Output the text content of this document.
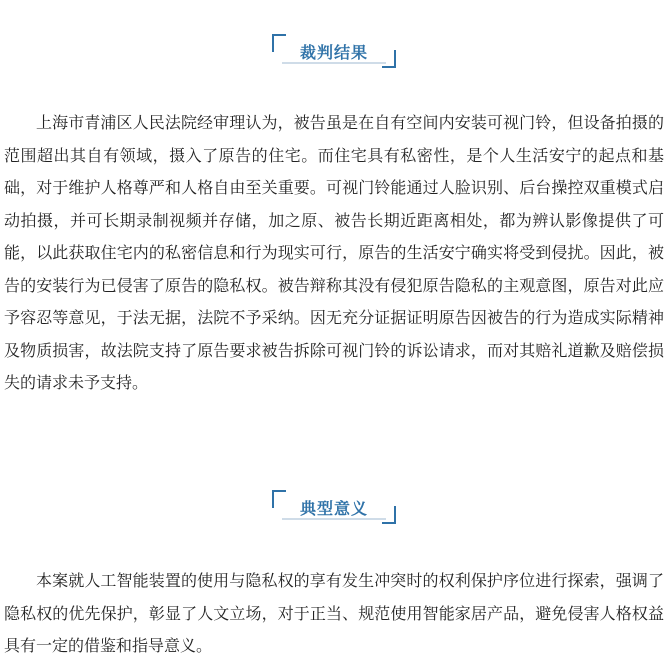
裁判结果

上海市青浦区人民法院经审理认为，被告虽是在自有空间内安装可视门铃，但设备拍摄的范围超出其自有领域，摄入了原告的住宅。而住宅具有私密性，是个人生活安宁的起点和基础，对于维护人格尊严和人格自由至关重要。可视门铃能通过人脸识别、后台操控双重模式启动拍摄，并可长期录制视频并存储，加之原、被告长期近距离相处，都为辨认影像提供了可能，以此获取住宅内的私密信息和行为现实可行，原告的生活安宁确实将受到侵扰。因此，被告的安装行为已侵害了原告的隐私权。被告辩称其没有侵犯原告隐私的主观意图，原告对此应予容忍等意见，于法无据，法院不予采纳。因无充分证据证明原告因被告的行为造成实际精神及物质损害，故法院支持了原告要求被告拆除可视门铃的诉讼请求，而对其赔礼道歉及赔偿损失的请求未予支持。

典型意义

本案就人工智能装置的使用与隐私权的享有发生冲突时的权利保护序位进行探索，强调了隐私权的优先保护，彰显了人文立场，对于正当、规范使用智能家居产品，避免侵害人格权益具有一定的借鉴和指导意义。
